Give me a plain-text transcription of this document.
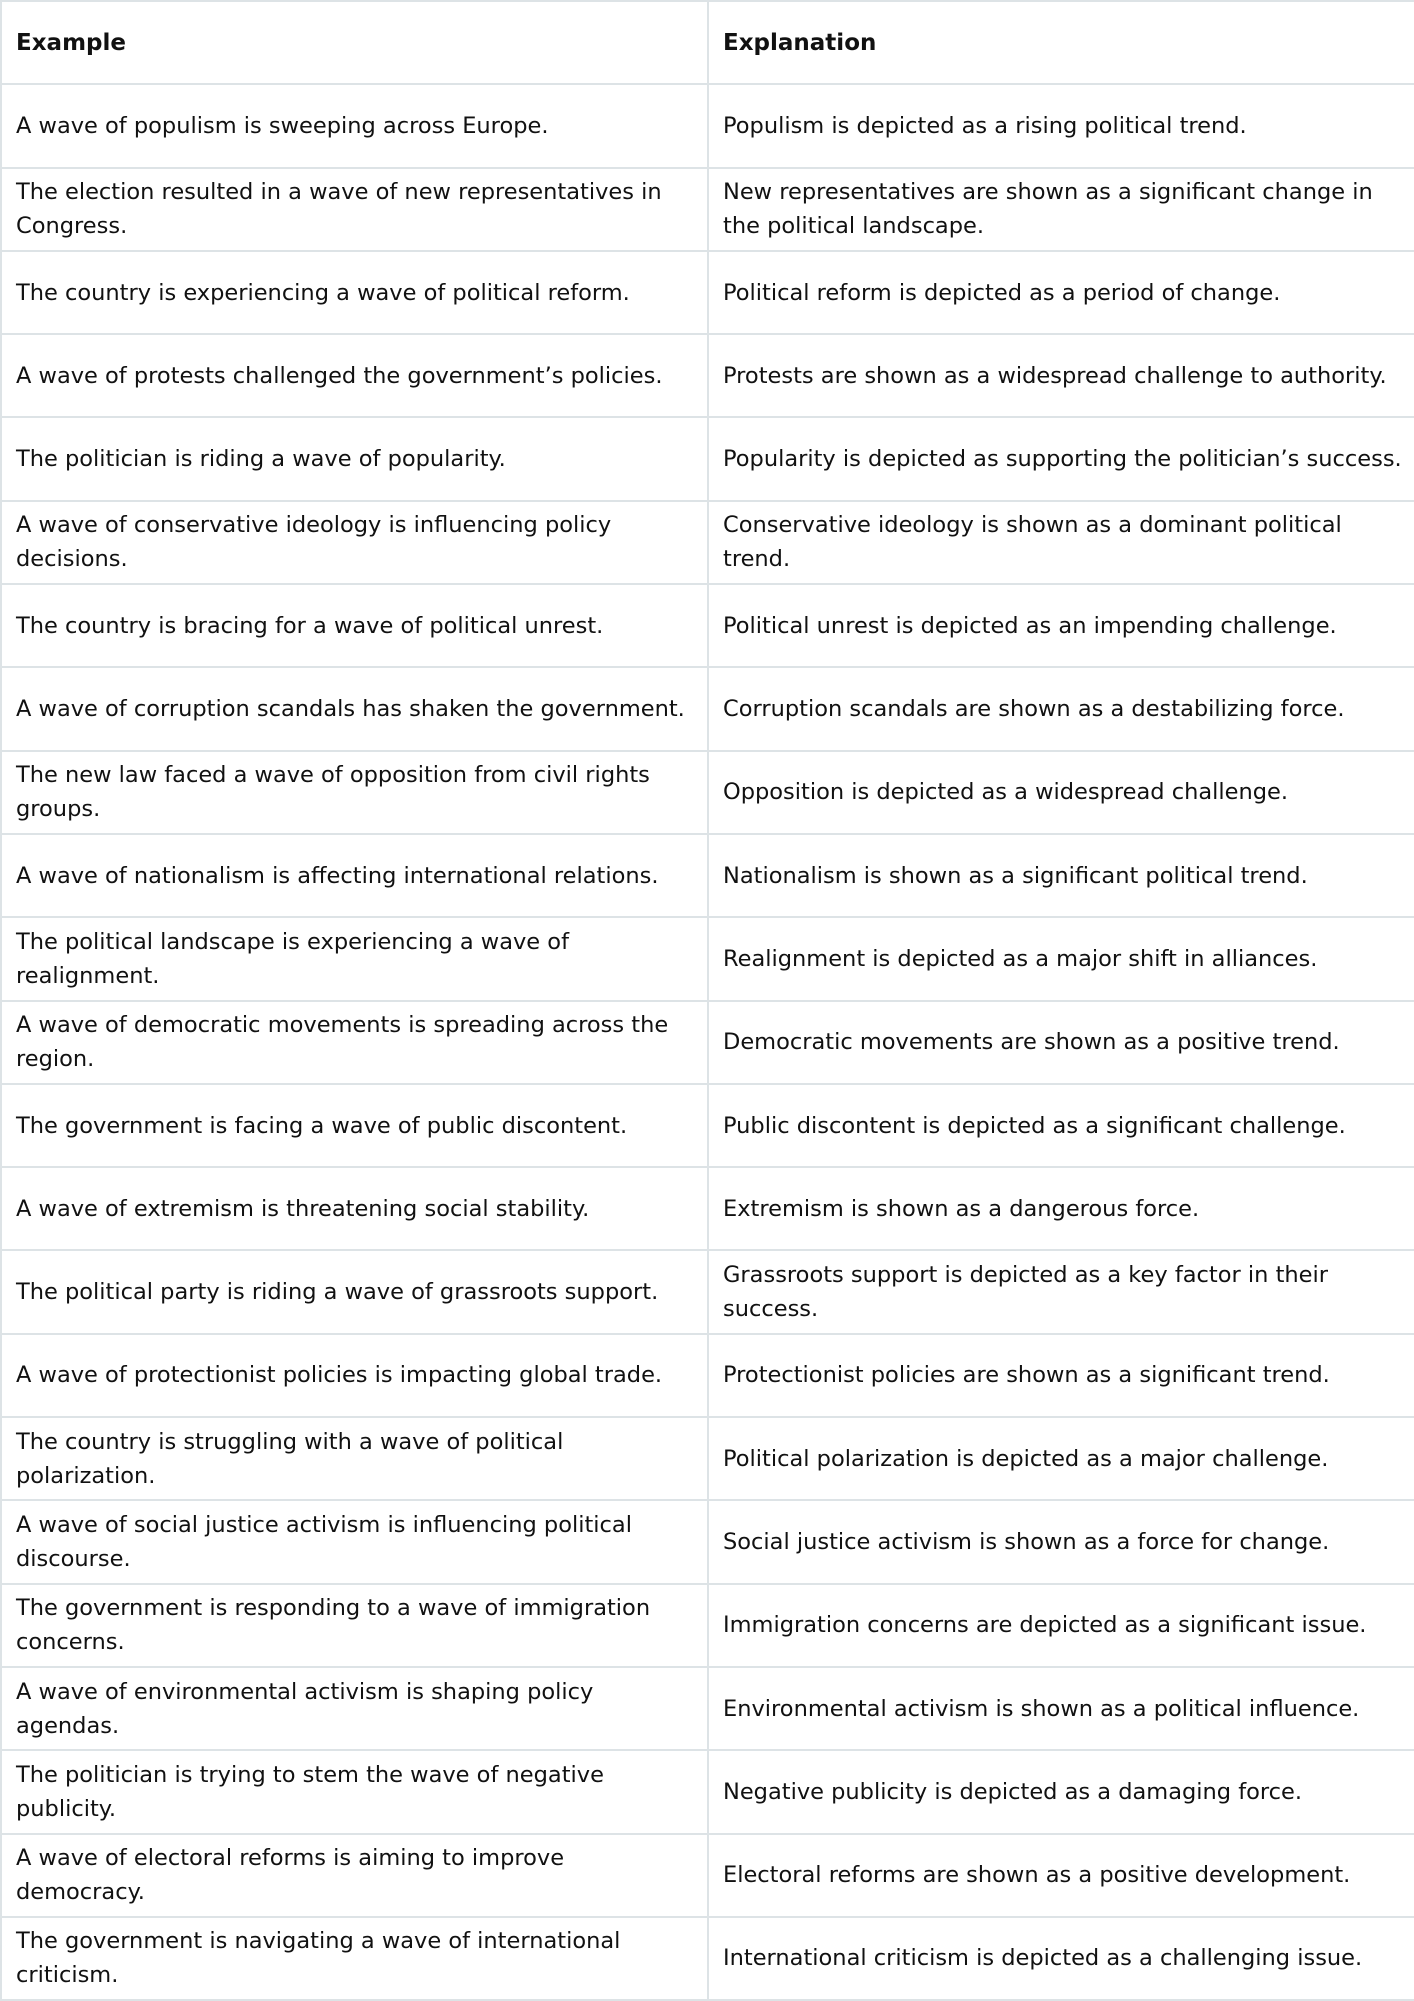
Example	Explanation
A wave of populism is sweeping across Europe.	Populism is depicted as a rising political trend.
The election resulted in a wave of new representatives in Congress.	New representatives are shown as a significant change in the political landscape.
The country is experiencing a wave of political reform.	Political reform is depicted as a period of change.
A wave of protests challenged the government’s policies.	Protests are shown as a widespread challenge to authority.
The politician is riding a wave of popularity.	Popularity is depicted as supporting the politician’s success.
A wave of conservative ideology is influencing policy decisions.	Conservative ideology is shown as a dominant political trend.
The country is bracing for a wave of political unrest.	Political unrest is depicted as an impending challenge.
A wave of corruption scandals has shaken the government.	Corruption scandals are shown as a destabilizing force.
The new law faced a wave of opposition from civil rights groups.	Opposition is depicted as a widespread challenge.
A wave of nationalism is affecting international relations.	Nationalism is shown as a significant political trend.
The political landscape is experiencing a wave of realignment.	Realignment is depicted as a major shift in alliances.
A wave of democratic movements is spreading across the region.	Democratic movements are shown as a positive trend.
The government is facing a wave of public discontent.	Public discontent is depicted as a significant challenge.
A wave of extremism is threatening social stability.	Extremism is shown as a dangerous force.
The political party is riding a wave of grassroots support.	Grassroots support is depicted as a key factor in their success.
A wave of protectionist policies is impacting global trade.	Protectionist policies are shown as a significant trend.
The country is struggling with a wave of political polarization.	Political polarization is depicted as a major challenge.
A wave of social justice activism is influencing political discourse.	Social justice activism is shown as a force for change.
The government is responding to a wave of immigration concerns.	Immigration concerns are depicted as a significant issue.
A wave of environmental activism is shaping policy agendas.	Environmental activism is shown as a political influence.
The politician is trying to stem the wave of negative publicity.	Negative publicity is depicted as a damaging force.
A wave of electoral reforms is aiming to improve democracy.	Electoral reforms are shown as a positive development.
The government is navigating a wave of international criticism.	International criticism is depicted as a challenging issue.
